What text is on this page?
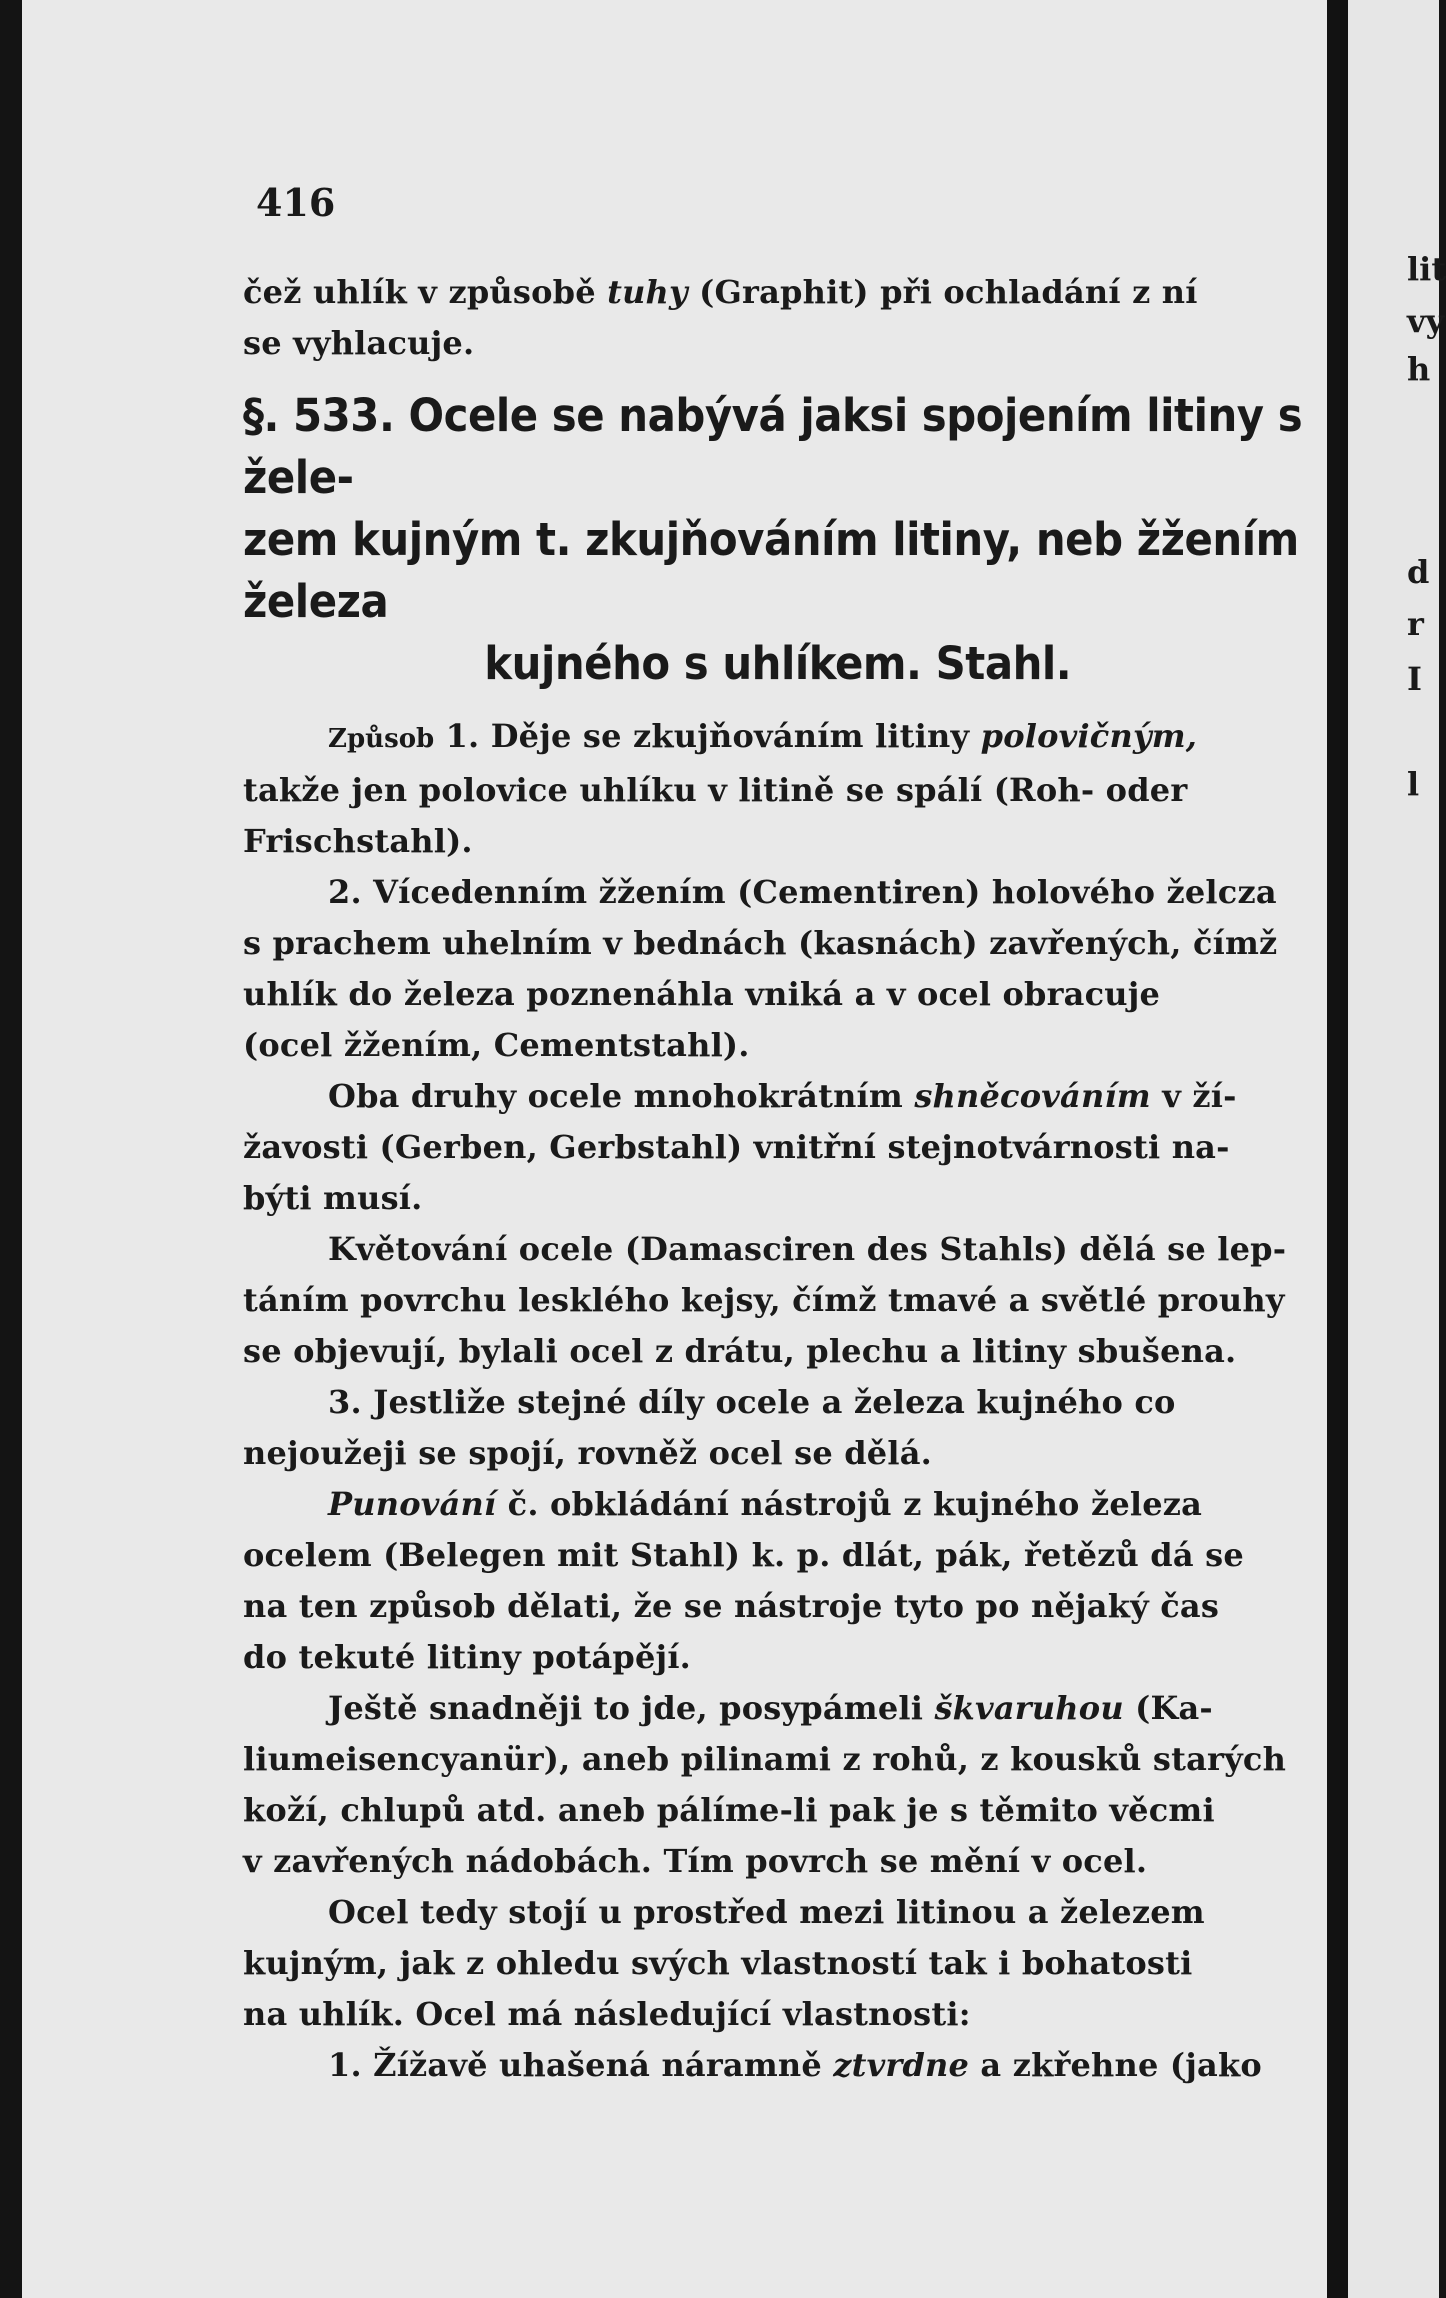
416

čež uhlík v způsobě tuhy (Graphit) při ochladání z ní

se vyhlacuje.

§. 533. Ocele se nabývá jaksi spojením litiny s žele-

zem kujným t. zkujňováním litiny, neb žžením železa

kujného s uhlíkem. Stahl.

Způsob 1. Děje se zkujňováním litiny polovičným,

takže jen polovice uhlíku v litině se spálí (Roh- oder

Frischstahl).

2. Vícedenním žžením (Cementiren) holového želcza

s prachem uhelním v bednách (kasnách) zavřených, čímž

uhlík do železa poznenáhla vniká a v ocel obracuje

(ocel žžením, Cementstahl).

Oba druhy ocele mnohokrátním shněcováním v ží-

žavosti (Gerben, Gerbstahl) vnitřní stejnotvárnosti na-

býti musí.

Květování ocele (Damasciren des Stahls) dělá se lep-

táním povrchu lesklého kejsy, čímž tmavé a světlé prouhy

se objevují, bylali ocel z drátu, plechu a litiny sbušena.

3. Jestliže stejné díly ocele a železa kujného co

nejoužeji se spojí, rovněž ocel se dělá.

Punování č. obkládání nástrojů z kujného železa

ocelem (Belegen mit Stahl) k. p. dlát, pák, řetězů dá se

na ten způsob dělati, že se nástroje tyto po nějaký čas

do tekuté litiny potápějí.

Ještě snadněji to jde, posypámeli škvaruhou (Ka-

liumeisencyanür), aneb pilinami z rohů, z kousků starých

koží, chlupů atd. aneb pálíme-li pak je s těmito věcmi

v zavřených nádobách. Tím povrch se mění v ocel.

Ocel tedy stojí u prostřed mezi litinou a železem

kujným, jak z ohledu svých vlastností tak i bohatosti

na uhlík. Ocel má následující vlastnosti:

1. Žížavě uhašená náramně ztvrdne a zkřehne (jako

lit
vy
h
d
r
I
l
